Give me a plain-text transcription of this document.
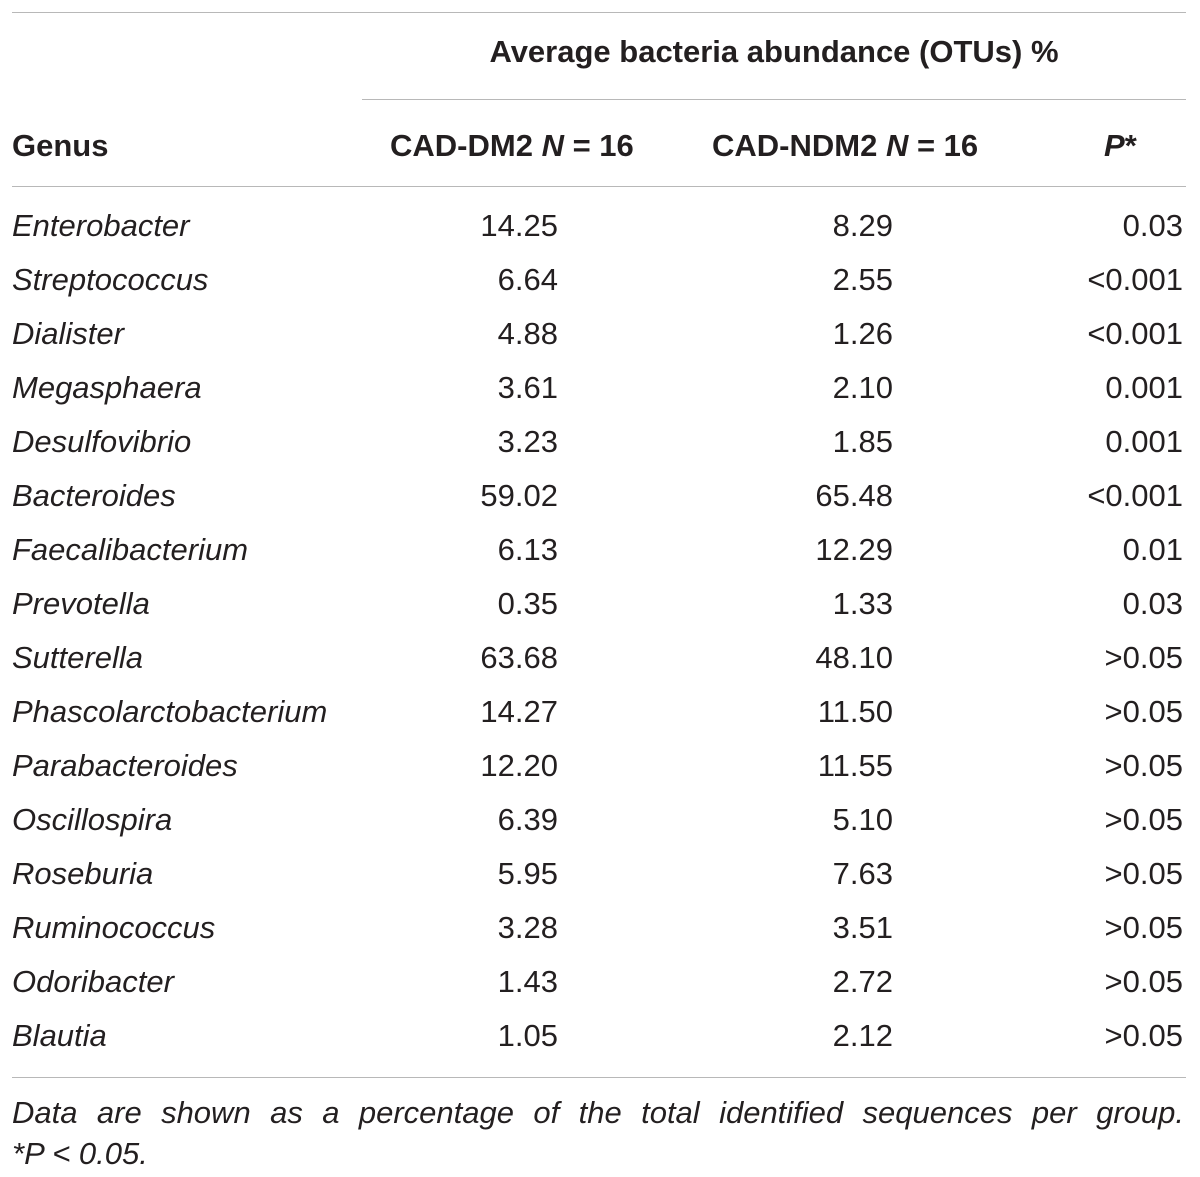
Average bacteria abundance (OTUs) %
Genus	CAD-DM2 N = 16	CAD-NDM2 N = 16	P*
Enterobacter	14.25	8.29	0.03
Streptococcus	6.64	2.55	<0.001
Dialister	4.88	1.26	<0.001
Megasphaera	3.61	2.10	0.001
Desulfovibrio	3.23	1.85	0.001
Bacteroides	59.02	65.48	<0.001
Faecalibacterium	6.13	12.29	0.01
Prevotella	0.35	1.33	0.03
Sutterella	63.68	48.10	>0.05
Phascolarctobacterium	14.27	11.50	>0.05
Parabacteroides	12.20	11.55	>0.05
Oscillospira	6.39	5.10	>0.05
Roseburia	5.95	7.63	>0.05
Ruminococcus	3.28	3.51	>0.05
Odoribacter	1.43	2.72	>0.05
Blautia	1.05	2.12	>0.05
Data are shown as a percentage of the total identified sequences per group.
*P < 0.05.
